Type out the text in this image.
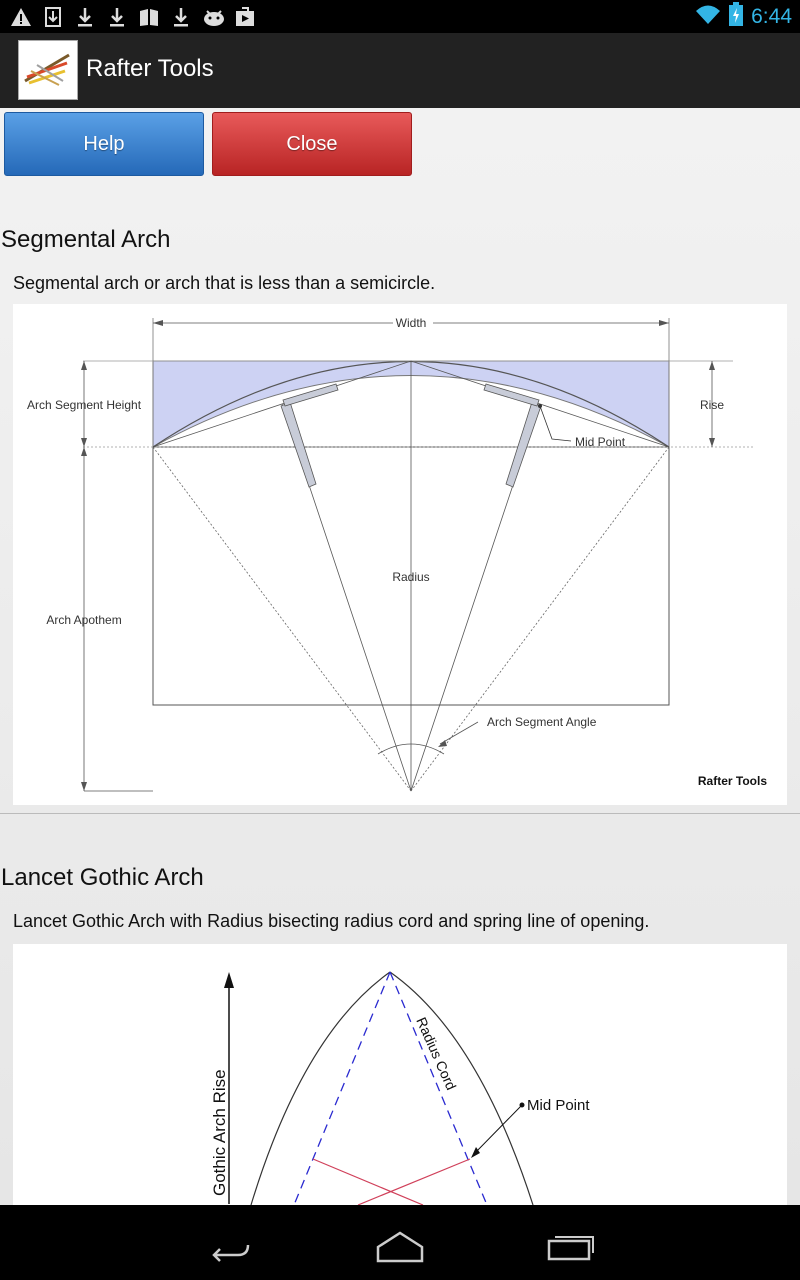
6:44
Rafter Tools
Help	Close
Segmental Arch
Segmental arch or arch that is less than a semicircle.
Width
Arch Segment Height	Rise
Mid Point
Radius
Arch Apothem
Arch Segment Angle
Rafter Tools
Lancet Gothic Arch
Lancet Gothic Arch with Radius bisecting radius cord and spring line of opening.
Gothic Arch Rise
Radius Cord
Mid Point
